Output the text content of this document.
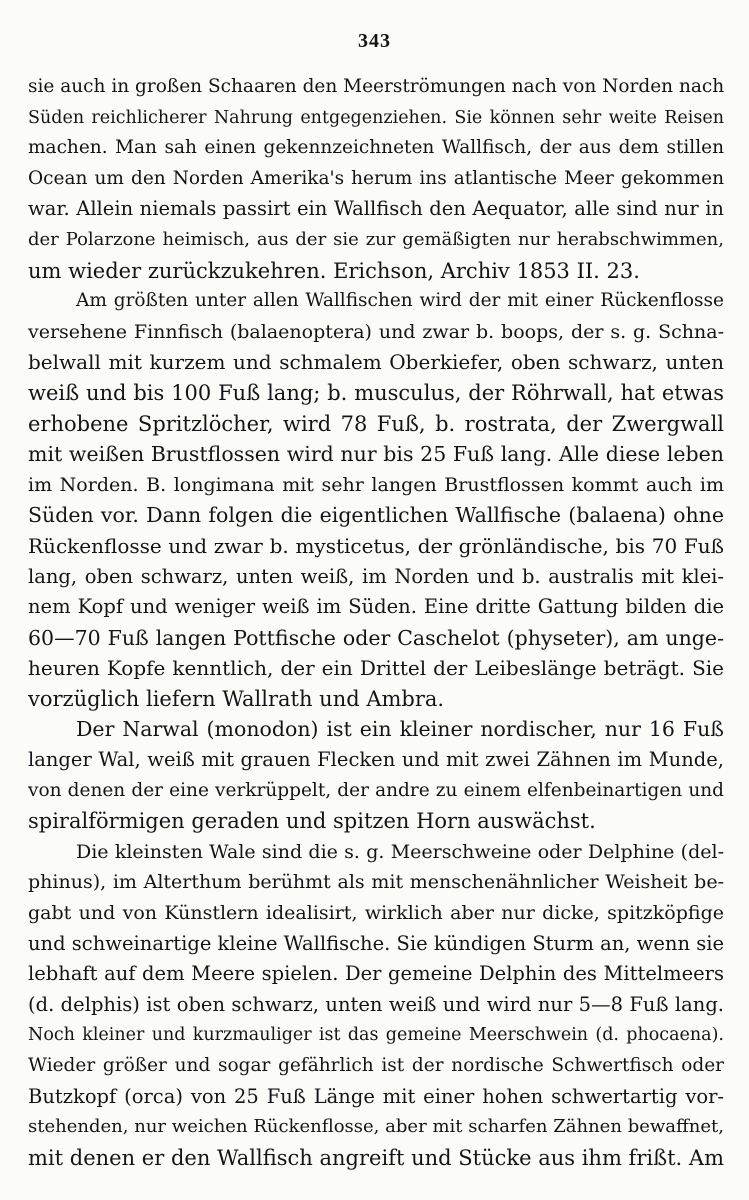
343
sie auch in großen Schaaren den Meerströmungen nach von Norden nach
Süden reichlicherer Nahrung entgegenziehen. Sie können sehr weite Reisen
machen. Man sah einen gekennzeichneten Wallfisch, der aus dem stillen
Ocean um den Norden Amerika's herum ins atlantische Meer gekommen
war. Allein niemals passirt ein Wallfisch den Aequator, alle sind nur in
der Polarzone heimisch, aus der sie zur gemäßigten nur herabschwimmen,
um wieder zurückzukehren. Erichson, Archiv 1853 II. 23.
Am größten unter allen Wallfischen wird der mit einer Rückenflosse
versehene Finnfisch (balaenoptera) und zwar b. boops, der s. g. Schna-
belwall mit kurzem und schmalem Oberkiefer, oben schwarz, unten
weiß und bis 100 Fuß lang; b. musculus, der Röhrwall, hat etwas
erhobene Spritzlöcher, wird 78 Fuß, b. rostrata, der Zwergwall
mit weißen Brustflossen wird nur bis 25 Fuß lang. Alle diese leben
im Norden. B. longimana mit sehr langen Brustflossen kommt auch im
Süden vor. Dann folgen die eigentlichen Wallfische (balaena) ohne
Rückenflosse und zwar b. mysticetus, der grönländische, bis 70 Fuß
lang, oben schwarz, unten weiß, im Norden und b. australis mit klei-
nem Kopf und weniger weiß im Süden. Eine dritte Gattung bilden die
60—70 Fuß langen Pottfische oder Caschelot (physeter), am unge-
heuren Kopfe kenntlich, der ein Drittel der Leibeslänge beträgt. Sie
vorzüglich liefern Wallrath und Ambra.
Der Narwal (monodon) ist ein kleiner nordischer, nur 16 Fuß
langer Wal, weiß mit grauen Flecken und mit zwei Zähnen im Munde,
von denen der eine verkrüppelt, der andre zu einem elfenbeinartigen und
spiralförmigen geraden und spitzen Horn auswächst.
Die kleinsten Wale sind die s. g. Meerschweine oder Delphine (del-
phinus), im Alterthum berühmt als mit menschenähnlicher Weisheit be-
gabt und von Künstlern idealisirt, wirklich aber nur dicke, spitzköpfige
und schweinartige kleine Wallfische. Sie kündigen Sturm an, wenn sie
lebhaft auf dem Meere spielen. Der gemeine Delphin des Mittelmeers
(d. delphis) ist oben schwarz, unten weiß und wird nur 5—8 Fuß lang.
Noch kleiner und kurzmauliger ist das gemeine Meerschwein (d. phocaena).
Wieder größer und sogar gefährlich ist der nordische Schwertfisch oder
Butzkopf (orca) von 25 Fuß Länge mit einer hohen schwertartig vor-
stehenden, nur weichen Rückenflosse, aber mit scharfen Zähnen bewaffnet,
mit denen er den Wallfisch angreift und Stücke aus ihm frißt. Am
